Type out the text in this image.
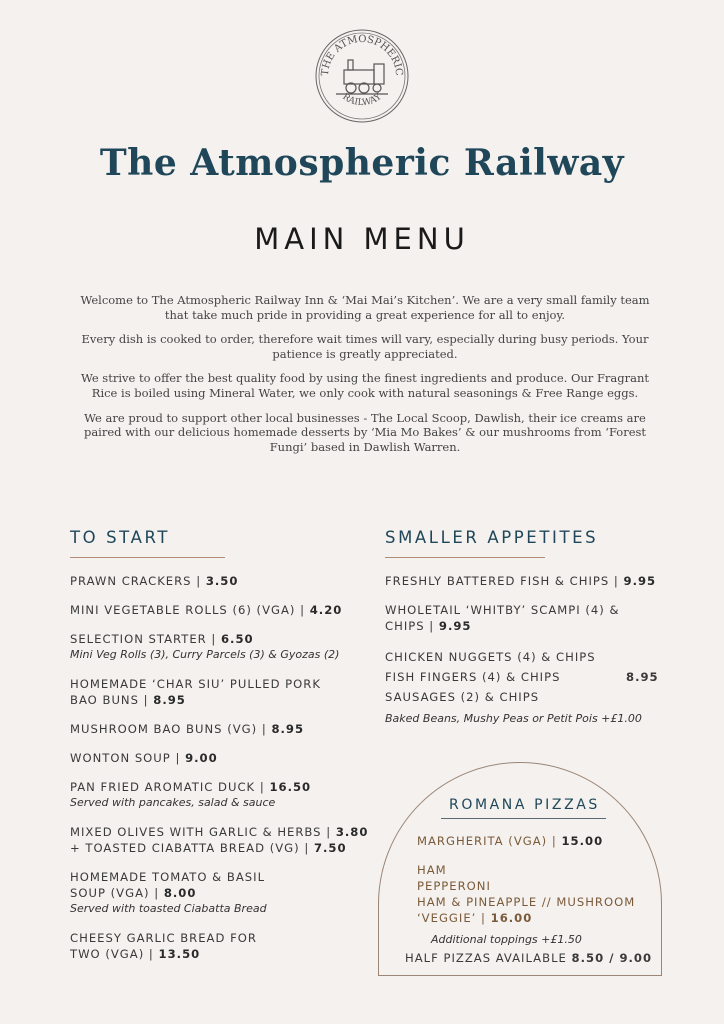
THE ATMOSPHERIC
RAILWAY
The Atmospheric Railway
MAIN MENU

Welcome to The Atmospheric Railway Inn & ‘Mai Mai’s Kitchen’. We are a very small family team that take much pride in providing a great experience for all to enjoy.

Every dish is cooked to order, therefore wait times will vary, especially during busy periods. Your patience is greatly appreciated.

We strive to offer the best quality food by using the finest ingredients and produce. Our Fragrant Rice is boiled using Mineral Water, we only cook with natural seasonings & Free Range eggs.

We are proud to support other local businesses - The Local Scoop, Dawlish, their ice creams are paired with our delicious homemade desserts by ‘Mia Mo Bakes’ & our mushrooms from ‘Forest Fungi’ based in Dawlish Warren.

TO START
PRAWN CRACKERS | 3.50
MINI VEGETABLE ROLLS (6) (VGA) | 4.20
SELECTION STARTER | 6.50
Mini Veg Rolls (3), Curry Parcels (3) & Gyozas (2)
HOMEMADE ‘CHAR SIU’ PULLED PORK BAO BUNS | 8.95
MUSHROOM BAO BUNS (VG) | 8.95
WONTON SOUP | 9.00
PAN FRIED AROMATIC DUCK | 16.50
Served with pancakes, salad & sauce
MIXED OLIVES WITH GARLIC & HERBS | 3.80
+ TOASTED CIABATTA BREAD (VG) | 7.50
HOMEMADE TOMATO & BASIL SOUP (VGA) | 8.00
Served with toasted Ciabatta Bread
CHEESY GARLIC BREAD FOR TWO (VGA) | 13.50
SMALLER APPETITES
FRESHLY BATTERED FISH & CHIPS | 9.95
WHOLETAIL ‘WHITBY’ SCAMPI (4) & CHIPS | 9.95
CHICKEN NUGGETS (4) & CHIPS
FISH FINGERS (4) & CHIPS
SAUSAGES (2) & CHIPS
8.95
Baked Beans, Mushy Peas or Petit Pois +£1.00
ROMANA PIZZAS
MARGHERITA (VGA) | 15.00
HAM
PEPPERONI
HAM & PINEAPPLE // MUSHROOM
‘VEGGIE’ | 16.00
Additional toppings +£1.50
HALF PIZZAS AVAILABLE 8.50 / 9.00
